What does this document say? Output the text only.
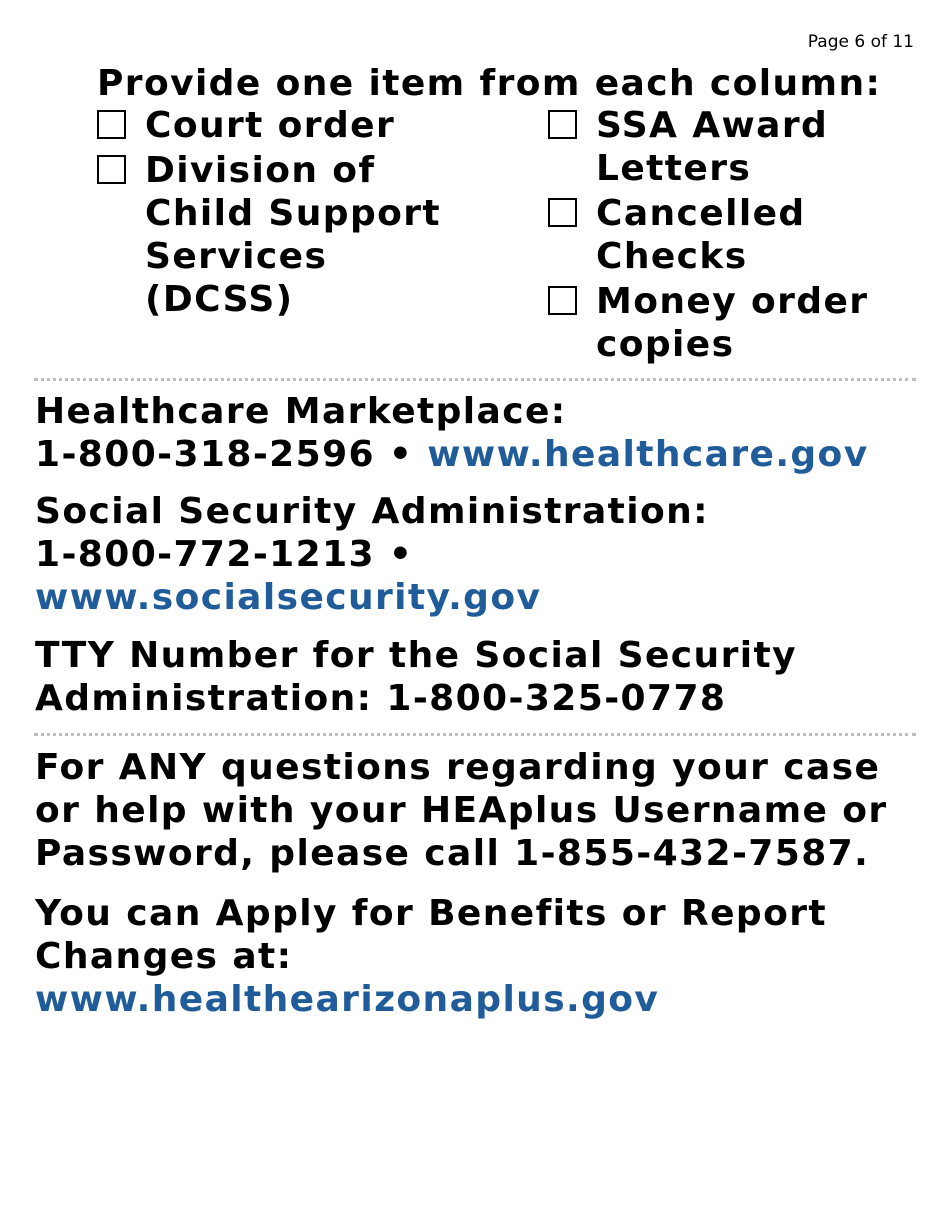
Page 6 of 11
Provide one item from each column:
Court order
Division of
Child Support
Services
(DCSS)
SSA Award
Letters
Cancelled
Checks
Money order
copies
Healthcare Marketplace:
1-800-318-2596 • www.healthcare.gov
Social Security Administration:
1-800-772-1213 •
www.socialsecurity.gov
TTY Number for the Social Security
Administration: 1-800-325-0778
For ANY questions regarding your case
or help with your HEAplus Username or
Password, please call 1-855-432-7587.
You can Apply for Benefits or Report
Changes at:
www.healthearizonaplus.gov
